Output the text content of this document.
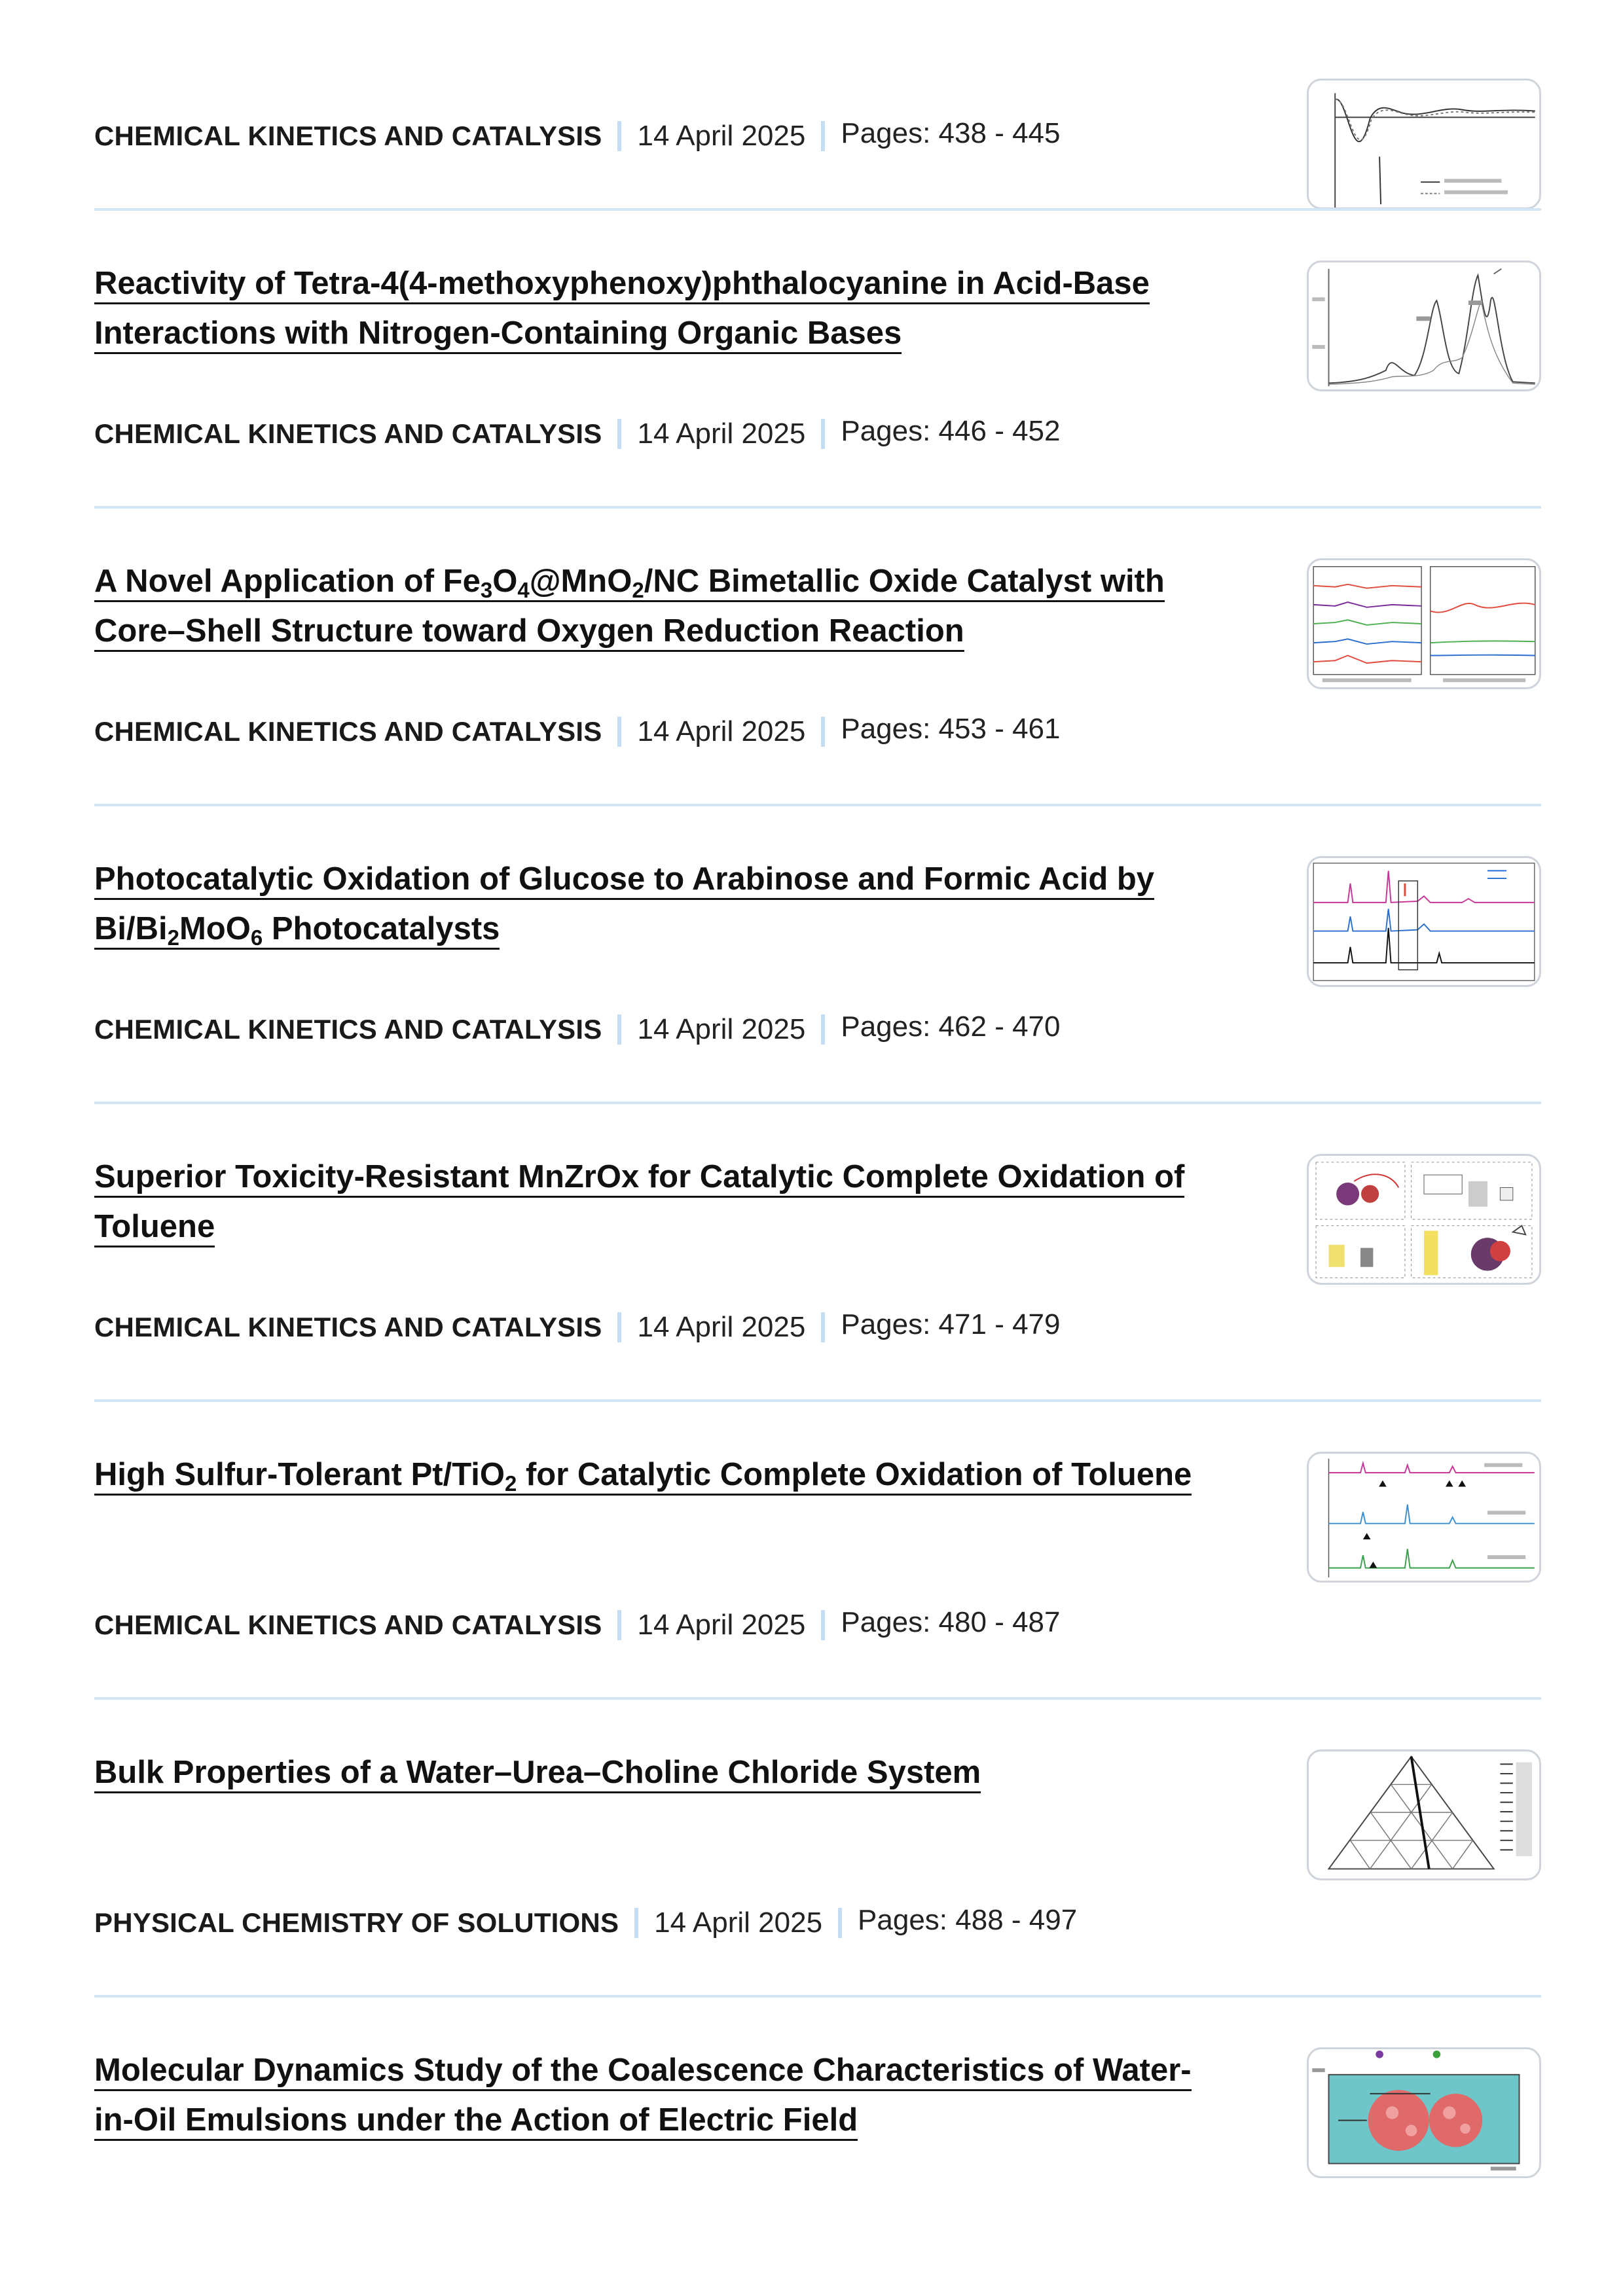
CHEMICAL KINETICS AND CATALYSIS 14 April 2025 Pages: 438 - 445
Reactivity of Tetra-4(4-methoxyphenoxy)phthalocyanine in Acid-Base
Interactions with Nitrogen-Containing Organic Bases
CHEMICAL KINETICS AND CATALYSIS 14 April 2025 Pages: 446 - 452
A Novel Application of $Fe_3O_4@MnO_2/NC$ Bimetallic Oxide Catalyst with
Core–Shell Structure toward Oxygen Reduction Reaction
CHEMICAL KINETICS AND CATALYSIS 14 April 2025 Pages: 453 - 461
Photocatalytic Oxidation of Glucose to Arabinose and Formic Acid by
$Bi/Bi_2MoO_6$ Photocatalysts
CHEMICAL KINETICS AND CATALYSIS 14 April 2025 Pages: 462 - 470
Superior Toxicity-Resistant MnZrOx for Catalytic Complete Oxidation of
Toluene
CHEMICAL KINETICS AND CATALYSIS 14 April 2025 Pages: 471 - 479
High Sulfur-Tolerant Pt/TiO$_2$ for Catalytic Complete Oxidation of Toluene
CHEMICAL KINETICS AND CATALYSIS 14 April 2025 Pages: 480 - 487
Bulk Properties of a Water–Urea–Choline Chloride System
PHYSICAL CHEMISTRY OF SOLUTIONS 14 April 2025 Pages: 488 - 497
Molecular Dynamics Study of the Coalescence Characteristics of Water-
in-Oil Emulsions under the Action of Electric Field
